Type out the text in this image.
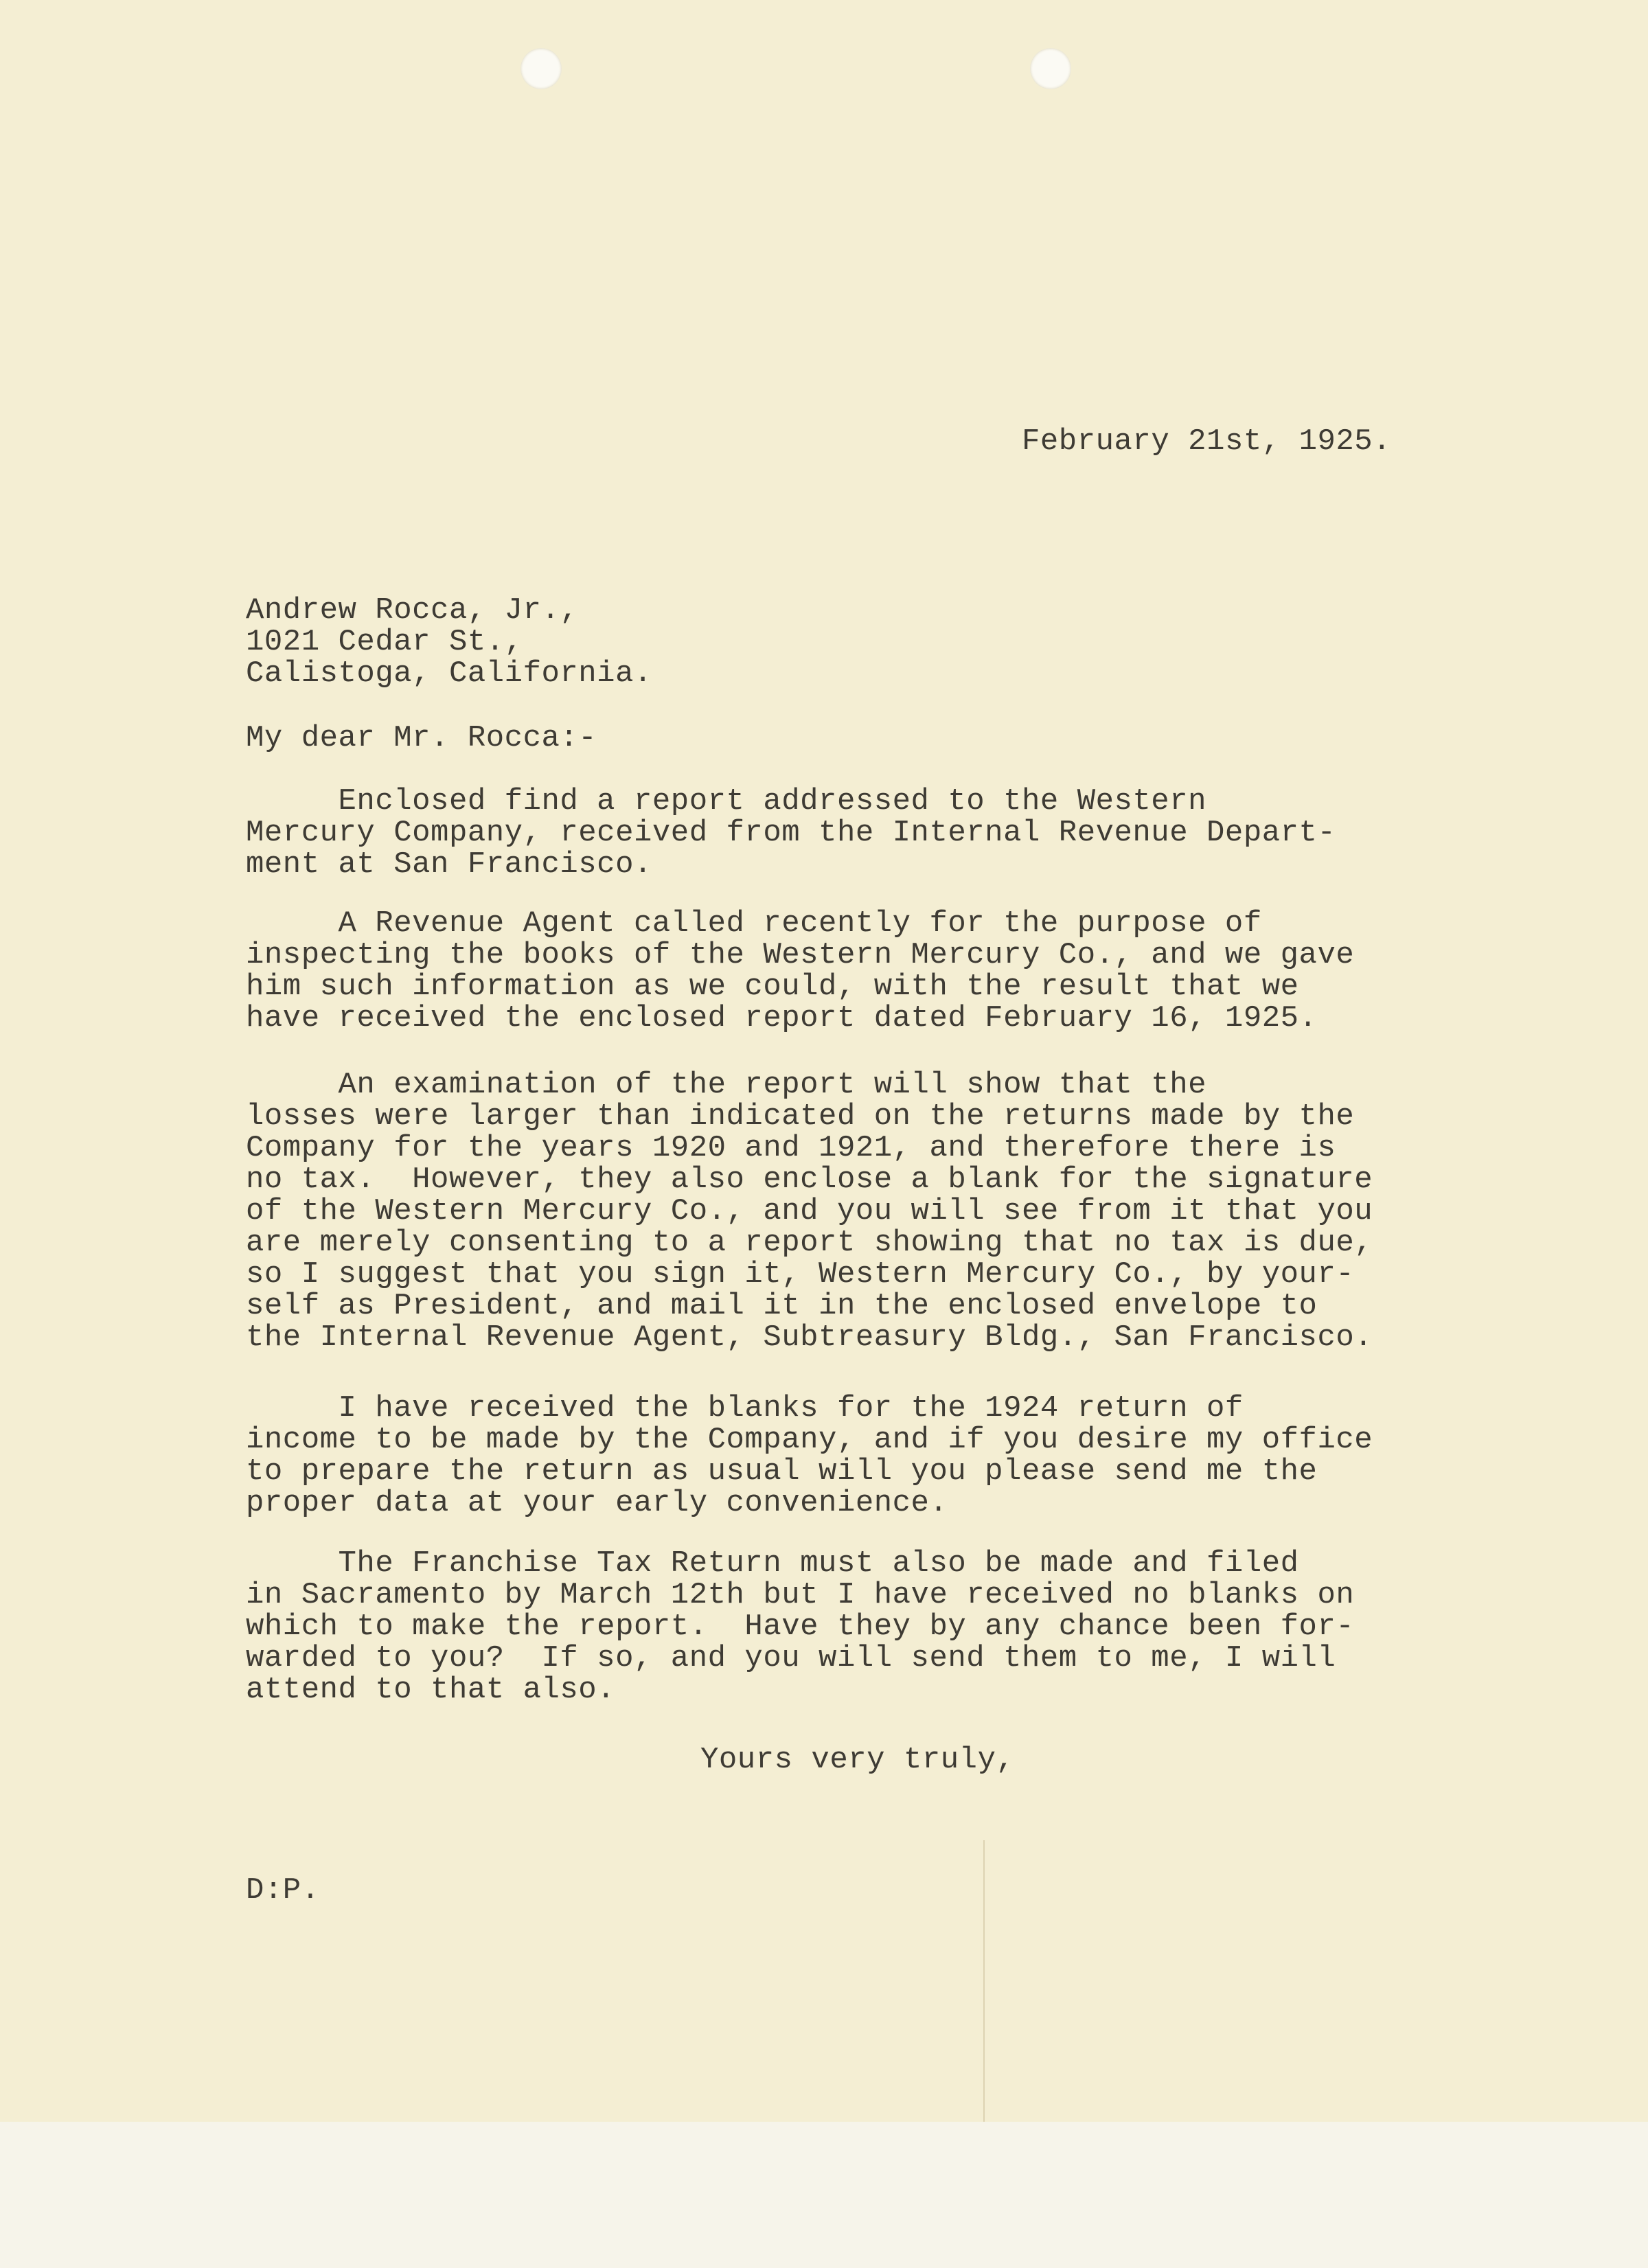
February 21st, 1925.
Andrew Rocca, Jr.,
1021 Cedar St.,
Calistoga, California.
My dear Mr. Rocca:-
Enclosed find a report addressed to the Western
Mercury Company, received from the Internal Revenue Depart-
ment at San Francisco.
A Revenue Agent called recently for the purpose of
inspecting the books of the Western Mercury Co., and we gave
him such information as we could, with the result that we
have received the enclosed report dated February 16, 1925.
An examination of the report will show that the
losses were larger than indicated on the returns made by the
Company for the years 1920 and 1921, and therefore there is
no tax.  However, they also enclose a blank for the signature
of the Western Mercury Co., and you will see from it that you
are merely consenting to a report showing that no tax is due,
so I suggest that you sign it, Western Mercury Co., by your-
self as President, and mail it in the enclosed envelope to
the Internal Revenue Agent, Subtreasury Bldg., San Francisco.
I have received the blanks for the 1924 return of
income to be made by the Company, and if you desire my office
to prepare the return as usual will you please send me the
proper data at your early convenience.
The Franchise Tax Return must also be made and filed
in Sacramento by March 12th but I have received no blanks on
which to make the report.  Have they by any chance been for-
warded to you?  If so, and you will send them to me, I will
attend to that also.
Yours very truly,
D:P.
